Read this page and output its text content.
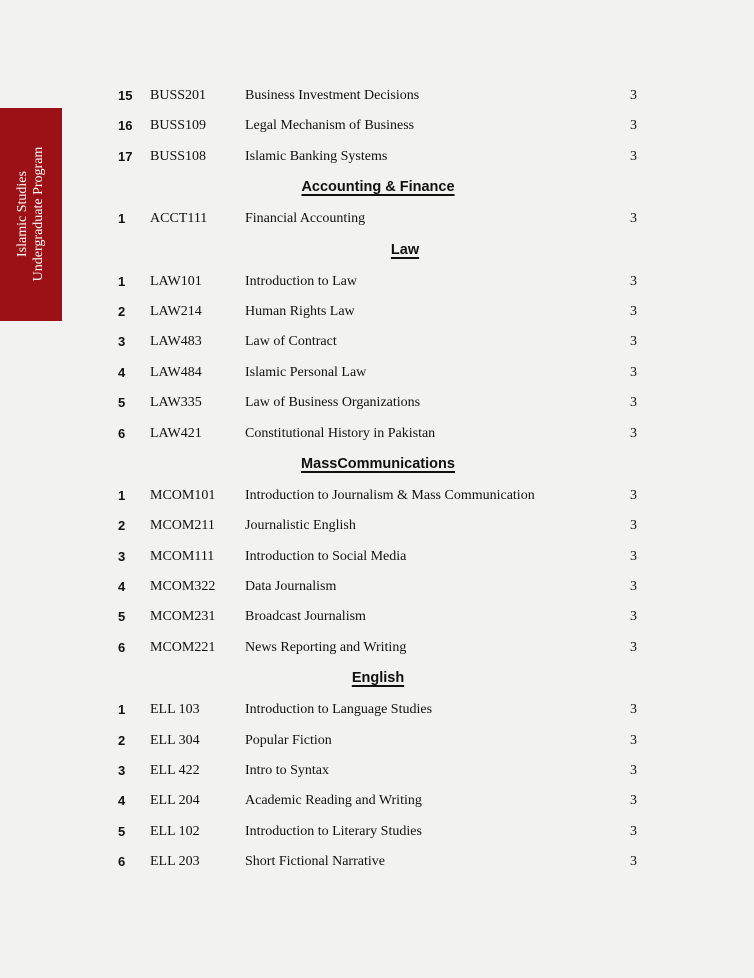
Islamic Studies Undergraduate Program
15 BUSS201	Business Investment Decisions	3
16 BUSS109	Legal Mechanism of Business	3
17 BUSS108	Islamic Banking Systems	3
Accounting & Finance
1 ACCT111	Financial Accounting	3
Law
1 LAW101	Introduction to Law	3
2 LAW214	Human Rights Law	3
3 LAW483	Law of Contract	3
4 LAW484	Islamic Personal Law	3
5 LAW335	Law of Business Organizations	3
6 LAW421	Constitutional History in Pakistan	3
MassCommunications
1 MCOM101 Introduction to Journalism & Mass Communication	3
2 MCOM211 Journalistic English	3
3 MCOM111 Introduction to Social Media	3
4 MCOM322 Data Journalism	3
5 MCOM231 Broadcast Journalism	3
6 MCOM221 News Reporting and Writing	3
English
1 ELL 103	Introduction to Language Studies	3
2 ELL 304	Popular Fiction	3
3 ELL 422	Intro to Syntax	3
4 ELL 204	Academic Reading and Writing	3
5 ELL 102	Introduction to Literary Studies	3
6 ELL 203	Short Fictional Narrative	3
